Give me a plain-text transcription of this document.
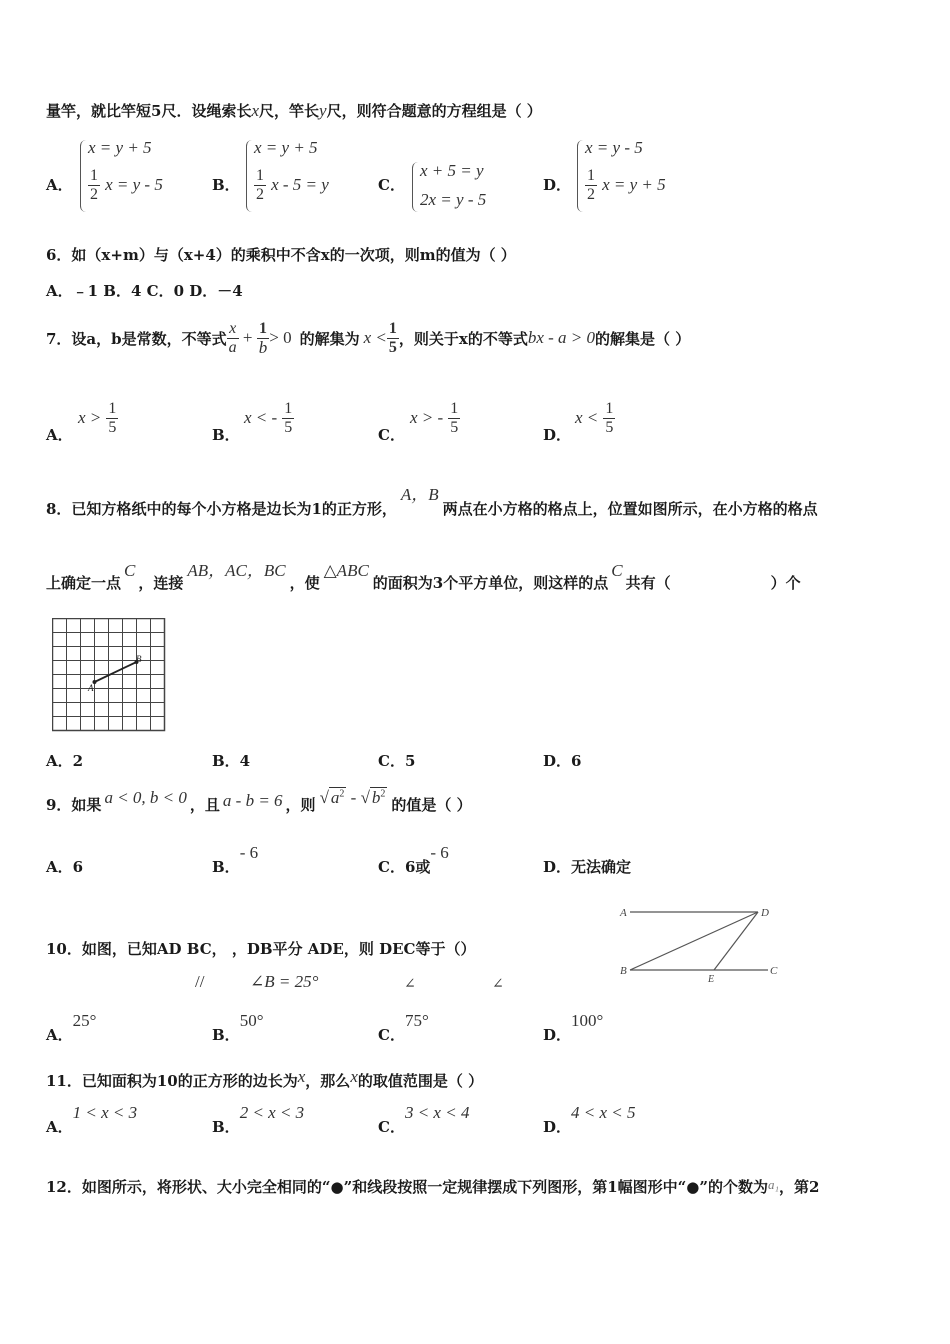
量竿，就比竿短5尺．设绳索长x尺，竿长y尺，则符合题意的方程组是（ ）
A．
x = y + 5
$\frac{1}{2}$ x = y - 5	B．
x = y + 5
$\frac{1}{2}$ x - 5 = y	C．
x + 5 = y
2x = y - 5
D．
x = y - 5
$\frac{1}{2}$ x = y + 5
6．如（x+m）与（x+4）的乘积中不含x的一次项，则m的值为（ ）
A．﹣1 B．4 C．0 D．－4
7．设a，b是常数，不等式 $\frac{x}{a} + \frac{1}{b} > 0$ 的解集为 $x < \frac{1}{5}$ ，则关于x的不等式 bx - a > 0 的解集是（ ）
A．
$x > \frac{1}{5}$	B．
x < - $\frac{1}{5}$	C．
x > - $\frac{1}{5}$	D．
$x < \frac{1}{5}$
8．已知方格纸中的每个小方格是边长为1的正方形，A，B两点在小方格的格点上，位置如图所示，在小方格的格点
上确定一点C，连接AB，AC，BC，使△ABC的面积为3个平方单位，则这样的点C共有（	）个
A
B
A．2	B．4	C．5	D．6
9．如果 a < 0, b < 0 ，且 a - b = 6 ，则 √ $a^2$ - √ $b^2$的值是（ ）
A．6	B．- 6
C．6或- 6
D．无法确定
10．如图，已知AD BC， ，DB平分 ADE，则 DEC等于（）
//	∠B = 25°	∠	∠
A	D
B
E
C
A．25°
B．50°
C．75°
D．100°
11．已知面积为10的正方形的边长为x，那么x的取值范围是（ ）
A．1 < x < 3
B．2 < x < 3
C．3 < x < 4
D．4 < x < 5
12．如图所示，将形状、大小完全相同的“●”和线段按照一定规律摆成下列图形，第1幅图形中“●”的个数为a₁，第2
